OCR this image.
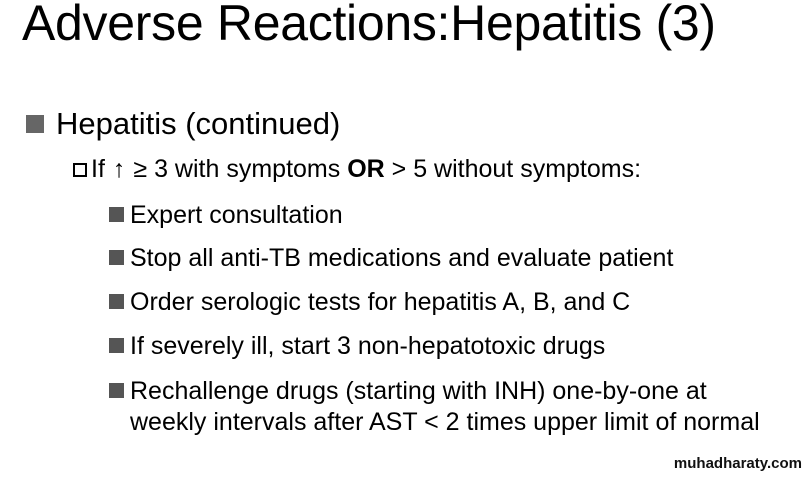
Adverse Reactions:Hepatitis (3)
Hepatitis (continued)
If ↑ ≥ 3 with symptoms OR > 5 without symptoms:
Expert consultation
Stop all anti-TB medications and evaluate patient
Order serologic tests for hepatitis A, B, and C
If severely ill, start 3 non-hepatotoxic drugs
Rechallenge drugs (starting with INH) one-by-one at weekly intervals after AST < 2 times upper limit of normal
muhadharaty.com
